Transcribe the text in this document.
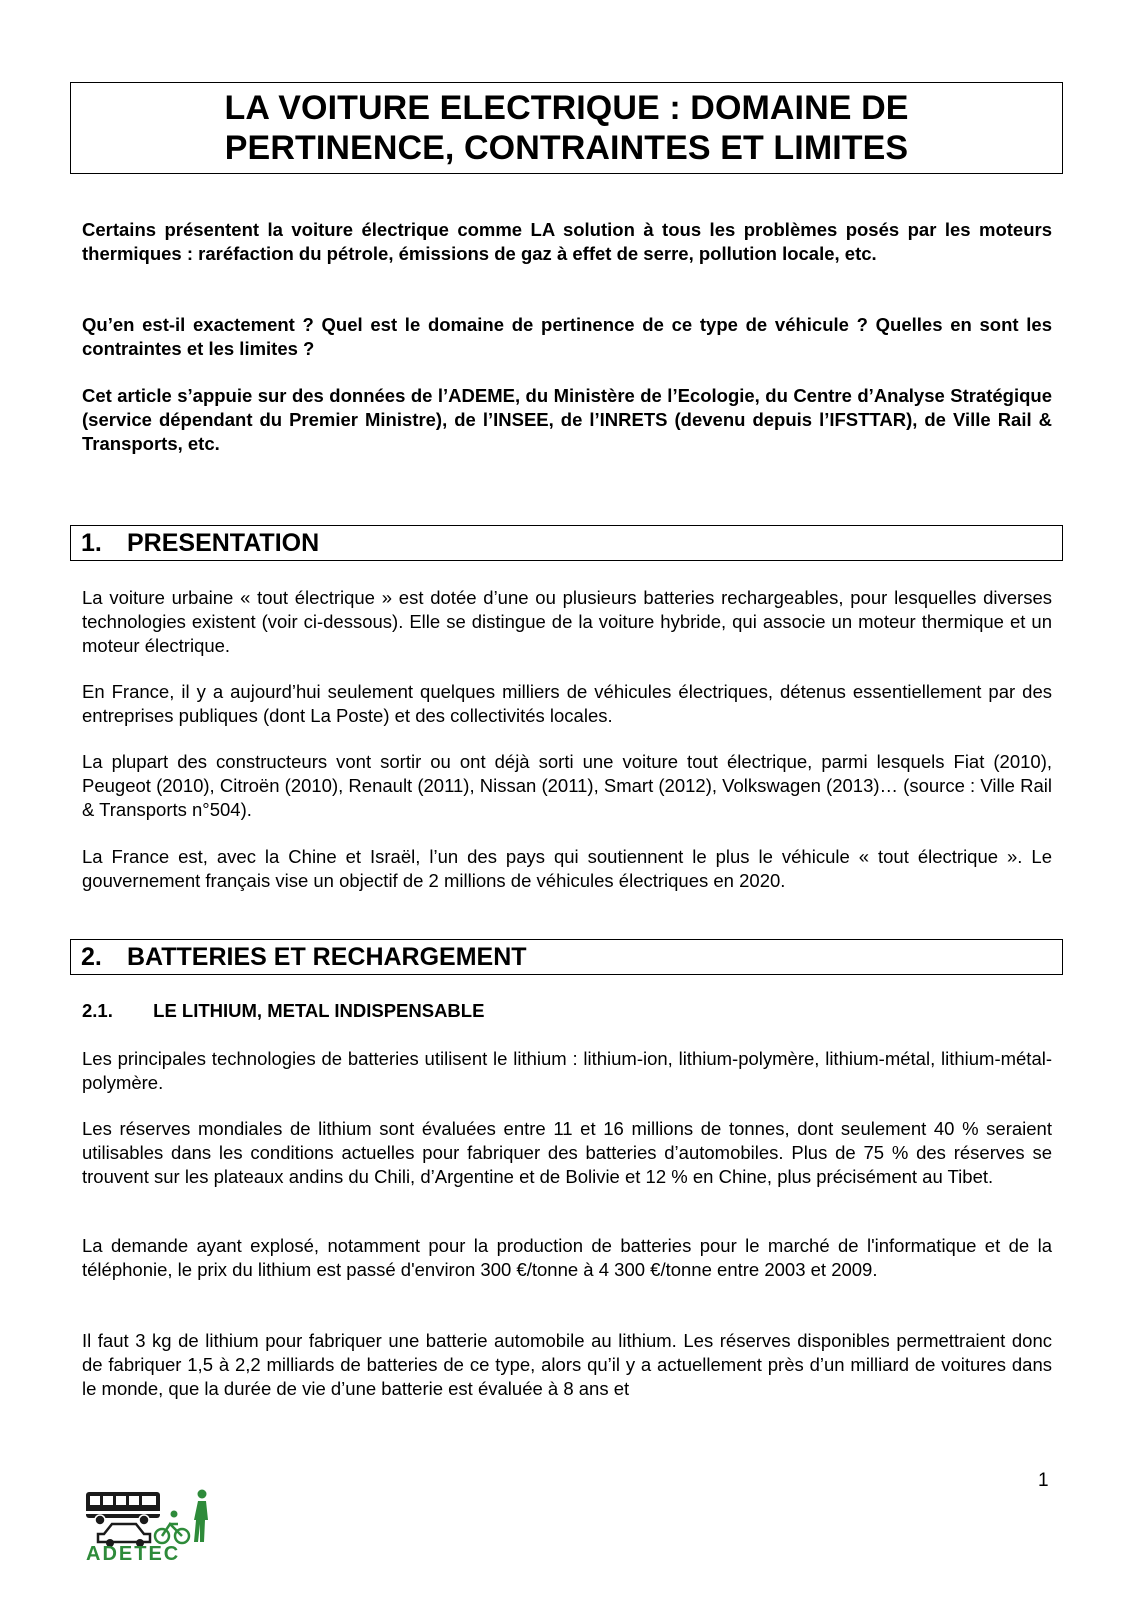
LA VOITURE ELECTRIQUE : DOMAINE DE
PERTINENCE, CONTRAINTES ET LIMITES

Certains présentent la voiture électrique comme LA solution à tous les problèmes posés par les moteurs thermiques : raréfaction du pétrole, émissions de gaz à effet de serre, pollution locale, etc.

Qu’en est-il exactement ? Quel est le domaine de pertinence de ce type de véhicule ? Quelles en sont les contraintes et les limites ?

Cet article s’appuie sur des données de l’ADEME, du Ministère de l’Ecologie, du Centre d’Analyse Stratégique (service dépendant du Premier Ministre), de l’INSEE, de l’INRETS (devenu depuis l’IFSTTAR), de Ville Rail & Transports, etc.

1.	PRESENTATION

La voiture urbaine « tout électrique » est dotée d’une ou plusieurs batteries rechargeables, pour lesquelles diverses technologies existent (voir ci-dessous). Elle se distingue de la voiture hybride, qui associe un moteur thermique et un moteur électrique.

En France, il y a aujourd’hui seulement quelques milliers de véhicules électriques, détenus essentiellement par des entreprises publiques (dont La Poste) et des collectivités locales.

La plupart des constructeurs vont sortir ou ont déjà sorti une voiture tout électrique, parmi lesquels Fiat (2010), Peugeot (2010), Citroën (2010), Renault (2011), Nissan (2011), Smart (2012), Volkswagen (2013)… (source : Ville Rail & Transports n°504).

La France est, avec la Chine et Israël, l’un des pays qui soutiennent le plus le véhicule « tout électrique ». Le gouvernement français vise un objectif de 2 millions de véhicules électriques en 2020.

2.	BATTERIES ET RECHARGEMENT
2.1. LE LITHIUM, METAL INDISPENSABLE

Les principales technologies de batteries utilisent le lithium : lithium-ion, lithium-polymère, lithium-métal, lithium-métal-polymère.

Les réserves mondiales de lithium sont évaluées entre 11 et 16 millions de tonnes, dont seulement 40 % seraient utilisables dans les conditions actuelles pour fabriquer des batteries d’automobiles. Plus de 75 % des réserves se trouvent sur les plateaux andins du Chili, d’Argentine et de Bolivie et 12 % en Chine, plus précisément au Tibet.

La demande ayant explosé, notamment pour la production de batteries pour le marché de l'informatique et de la téléphonie, le prix du lithium est passé d'environ 300 €/tonne à 4 300 €/tonne entre 2003 et 2009.

Il faut 3 kg de lithium pour fabriquer une batterie automobile au lithium. Les réserves disponibles permettraient donc de fabriquer 1,5 à 2,2 milliards de batteries de ce type, alors qu’il y a actuellement près d’un milliard de voitures dans le monde, que la durée de vie d’une batterie est évaluée à 8 ans et

ADETEC
1
